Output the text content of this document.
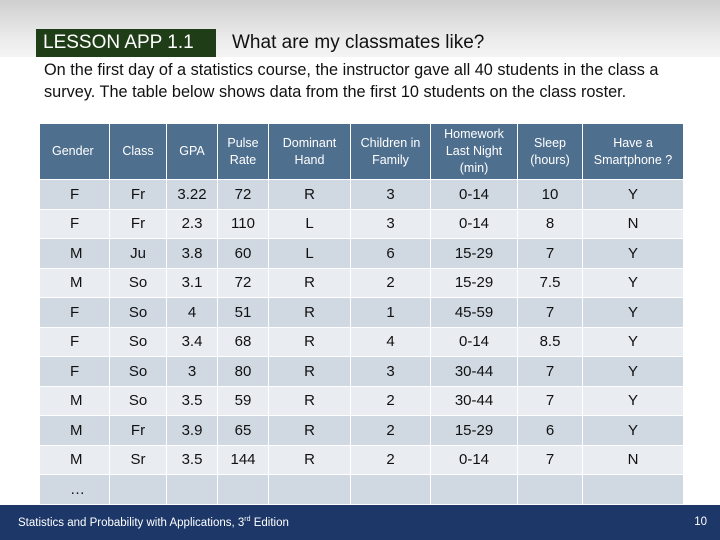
LESSON APP 1.1	What are my classmates like?
On the first day of a statistics course, the instructor gave all 40 students in the class a survey. The table below shows data from the first 10 students on the class roster.
Gender	Class	GPA	Pulse Rate	Dominant Hand	Children in Family	Homework Last Night (min)	Sleep (hours)	Have a Smartphone ?
F	Fr	3.22	72	R	3	0-14	10	Y
F	Fr	2.3	110	L	3	0-14	8	N
M	Ju	3.8	60	L	6	15-29	7	Y
M	So	3.1	72	R	2	15-29	7.5	Y
F	So	4	51	R	1	45-59	7	Y
F	So	3.4	68	R	4	0-14	8.5	Y
F	So	3	80	R	3	30-44	7	Y
M	So	3.5	59	R	2	30-44	7	Y
M	Fr	3.9	65	R	2	15-29	6	Y
M	Sr	3.5	144	R	2	0-14	7	N
…								
Statistics and Probability with Applications, 3rd Edition	10
